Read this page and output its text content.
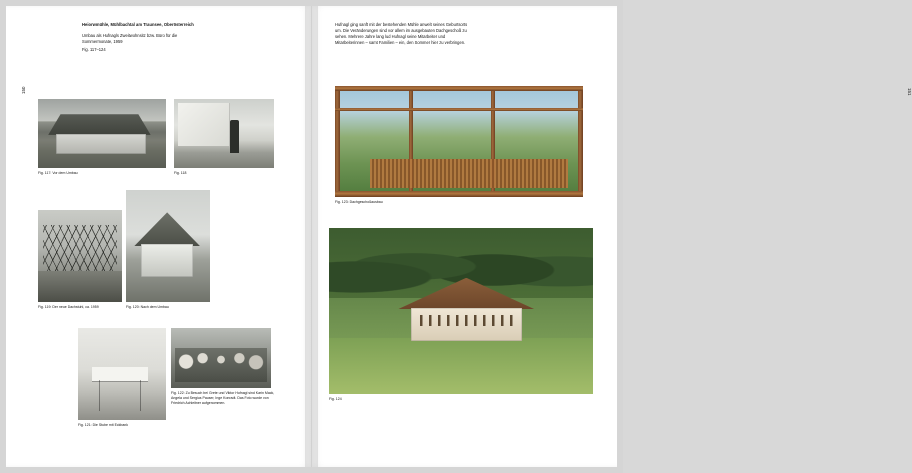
Heiorwmühle, Mühlbachtal am Traunsee, Oberösterreich
Umbau als Hufnagls Zweitwohnsitz bzw. Büro für die Sommermonate, 1959
Fig. 117–124
Fig. 117: Vor dem Umbau	Fig. 118
Fig. 119: Der neue Dachstuhl, ca. 1959	Fig. 120: Nach dem Umbau
Fig. 121: Die Stube mit Eckbank
Fig. 122: Zu Besuch bei Grete und Viktor Hufnagl sind Karin Mack, Angela und Sergius Pauser, Inge Konradt. Das Foto wurde von Friedrich Achleitner aufgenommen.
150
Hufnagl ging sanft mit der bestehenden Mühle anwelt seines Geburtsorts um. Die Veränderungen sind vor allem im ausgebauten Dachgeschoß zu sehen. Mehrere Jahre lang lud Hufnagl seine Mitarbeiter und Mitarbeiterinnen – samt Familien – ein, den Sommer hier zu verbringen.
Fig. 123: Dachgeschoßausbau
Fig. 124
151
